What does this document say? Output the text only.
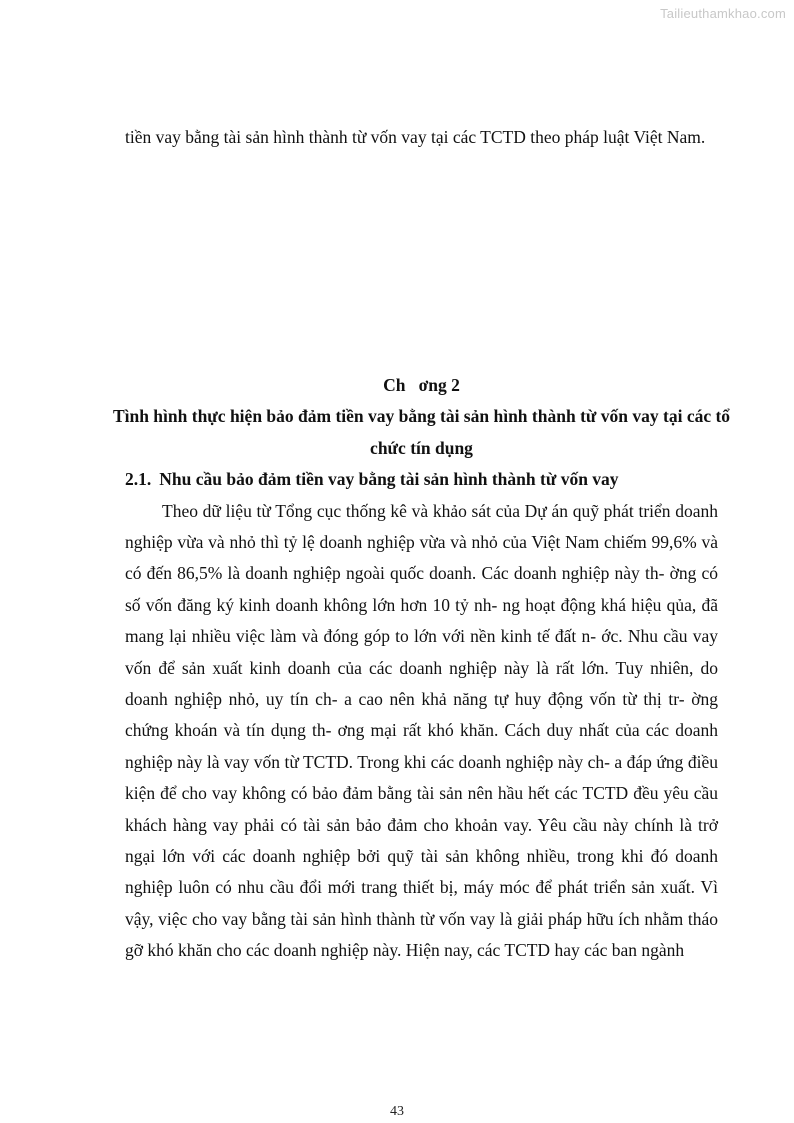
Tailieuthamkhao.com

tiền vay bằng tài sản hình thành từ vốn vay tại các TCTD theo pháp luật Việt Nam.

Ch   ơng 2

Tình hình thực hiện bảo đảm tiền vay bằng tài sản hình thành từ vốn vay tại các tổ chức tín dụng

2.1. Nhu cầu bảo đảm tiền vay bằng tài sản hình thành từ vốn vay

Theo dữ liệu từ Tổng cục thống kê và khảo sát của Dự án quỹ phát triển doanh nghiệp vừa và nhỏ thì tỷ lệ doanh nghiệp vừa và nhỏ của Việt Nam chiếm 99,6% và có đến 86,5% là doanh nghiệp ngoài quốc doanh. Các doanh nghiệp này th- ờng có số vốn đăng ký kinh doanh không lớn hơn 10 tỷ nh- ng hoạt động khá hiệu qủa, đã mang lại nhiều việc làm và đóng góp to lớn với nền kinh tế đất n- ớc. Nhu cầu vay vốn để sản xuất kinh doanh của các doanh nghiệp này là rất lớn. Tuy nhiên, do doanh nghiệp nhỏ, uy tín ch- a cao nên khả năng tự huy động vốn từ thị tr- ờng chứng khoán và tín dụng th- ơng mại rất khó khăn. Cách duy nhất của các doanh nghiệp này là vay vốn từ TCTD. Trong khi các doanh nghiệp này ch- a đáp ứng điều kiện để cho vay không có bảo đảm bằng tài sản nên hầu hết các TCTD đều yêu cầu khách hàng vay phải có tài sản bảo đảm cho khoản vay. Yêu cầu này chính là trở ngại lớn với các doanh nghiệp bởi quỹ tài sản không nhiều, trong khi đó doanh nghiệp luôn có nhu cầu đổi mới trang thiết bị, máy móc để phát triển sản xuất. Vì vậy, việc cho vay bằng tài sản hình thành từ vốn vay là giải pháp hữu ích nhằm tháo gỡ khó khăn cho các doanh nghiệp này. Hiện nay, các TCTD hay các ban ngành

43
